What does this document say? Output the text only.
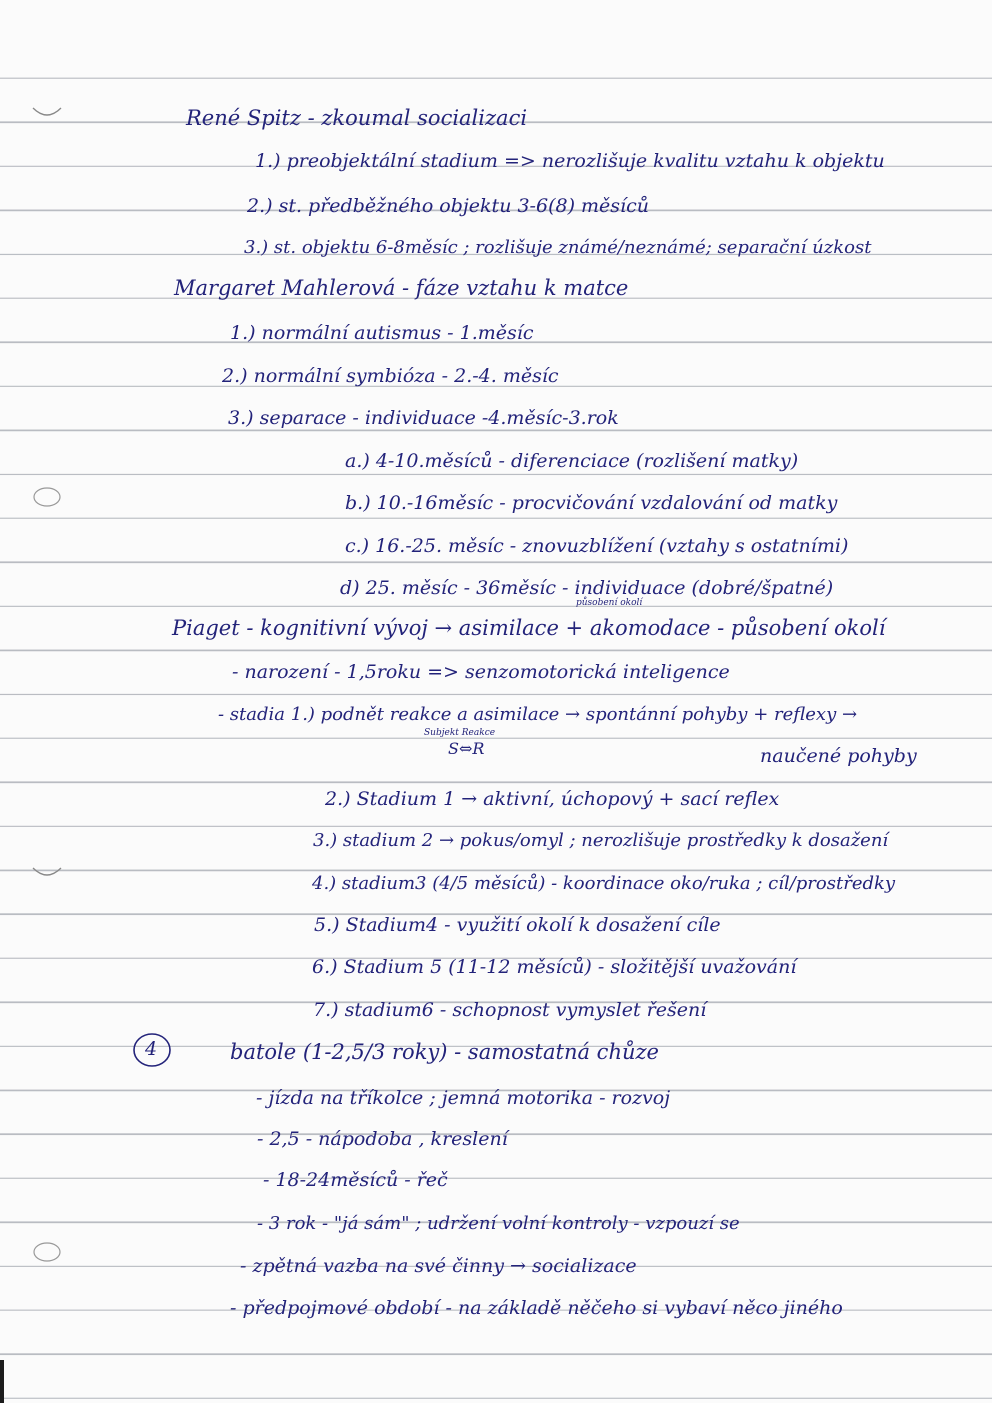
René Spitz - zkoumal socializaci
1.) preobjektální stadium => nerozlišuje kvalitu vztahu k objektu
2.) st. předběžného objektu 3-6(8) měsíců
3.) st. objektu 6-8měsíc ; rozlišuje známé/neznámé; separační úzkost
Margaret Mahlerová - fáze vztahu k matce
1.) normální autismus - 1.měsíc
2.) normální symbióza - 2.-4. měsíc
3.) separace - individuace -4.měsíc-3.rok
a.) 4-10.měsíců - diferenciace (rozlišení matky)
b.) 10.-16měsíc - procvičování vzdalování od matky
c.) 16.-25. měsíc - znovuzblížení (vztahy s ostatními)
d) 25. měsíc - 36měsíc - individuace (dobré/špatné)
působení okolí
Piaget - kognitivní vývoj → asimilace + akomodace - působení okolí
- narození - 1,5roku => senzomotorická inteligence
- stadia 1.) podnět reakce a asimilace → spontánní pohyby + reflexy →
Subjekt Reakce
S⇔R	naučené pohyby
2.) Stadium 1 → aktivní, úchopový + sací reflex
3.) stadium 2 → pokus/omyl ; nerozlišuje prostředky k dosažení
4.) stadium3 (4/5 měsíců) - koordinace oko/ruka ; cíl/prostředky
5.) Stadium4 - využití okolí k dosažení cíle
6.) Stadium 5 (11-12 měsíců) - složitější uvažování
7.) stadium6 - schopnost vymyslet řešení
4	batole (1-2,5/3 roky) - samostatná chůze
- jízda na tříkolce ; jemná motorika - rozvoj
- 2,5 - nápodoba , kreslení
- 18-24měsíců - řeč
- 3 rok - "já sám" ; udržení volní kontroly - vzpouzí se
- zpětná vazba na své činny → socializace
- předpojmové období - na základě něčeho si vybaví něco jiného
